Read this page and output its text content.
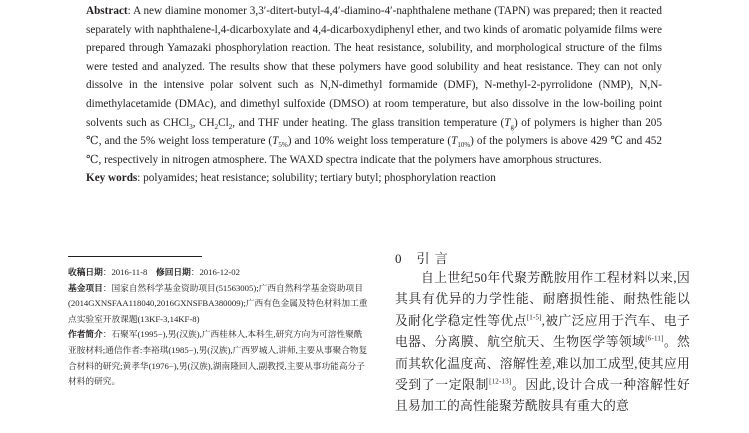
Abstract: A new diamine monomer 3,3′-ditert-butyl-4,4′-diamino-4′-naphthalene methane (TAPN) was prepared; then it reacted separately with naphthalene-l,4-dicarboxylate and 4,4-dicarboxydiphenyl ether, and two kinds of aromatic polyamide films were prepared through Yamazaki phosphorylation reaction. The heat resistance, solubility, and morphological structure of the films were tested and analyzed. The results show that these polymers have good solubility and heat resistance. They can not only dissolve in the intensive polar solvent such as N,N-dimethyl formamide (DMF), N-methyl-2-pyrrolidone (NMP), N,N-dimethylacetamide (DMAc), and dimethyl sulfoxide (DMSO) at room temperature, but also dissolve in the low-boiling point solvents such as CHCl$_3$, $CH_2Cl_2$, and THF under heating. The glass transition temperature $(T_g)$ of polymers is higher than 205 ℃, and the 5% weight loss temperature $(T_{5\%})$ and 10% weight loss temperature $(T_{10\%})$ of the polymers is above 429 ℃ and 452 ℃, respectively in nitrogen atmosphere. The WAXD spectra indicate that the polymers have amorphous structures.

Key words: polyamides; heat resistance; solubility; tertiary butyl; phosphorylation reaction

收稿日期：2016-11-8 修回日期：2016-12-02

基金项目：国家自然科学基金资助项目(51563005);广西自然科学基金资助项目(2014GXNSFAA118040,2016GXNSFBA380009);广西有色金属及特色材料加工重点实验室开放课题(13KF-3,14KF-8)

作者简介：石聚军(1995−),男(汉族),广西桂林人,本科生,研究方向为可溶性聚酰亚胺材料;通信作者:李裕琪(1985−),男(汉族),广西罗城人,讲师,主要从事聚合物复合材料的研究;黄孝华(1976−),男(汉族),湖南隆回人,副教授,主要从事功能高分子材料的研究。

0 引 言

自上世纪50年代聚芳酰胺用作工程材料以来,因其具有优异的力学性能、耐磨损性能、耐热性能以及耐化学稳定性等优点[1-5],被广泛应用于汽车、电子电器、分离膜、航空航天、生物医学等领域[6-11]。然而其软化温度高、溶解性差,难以加工成型,使其应用受到了一定限制[12-13]。因此,设计合成一种溶解性好且易加工的高性能聚芳酰胺具有重大的意
